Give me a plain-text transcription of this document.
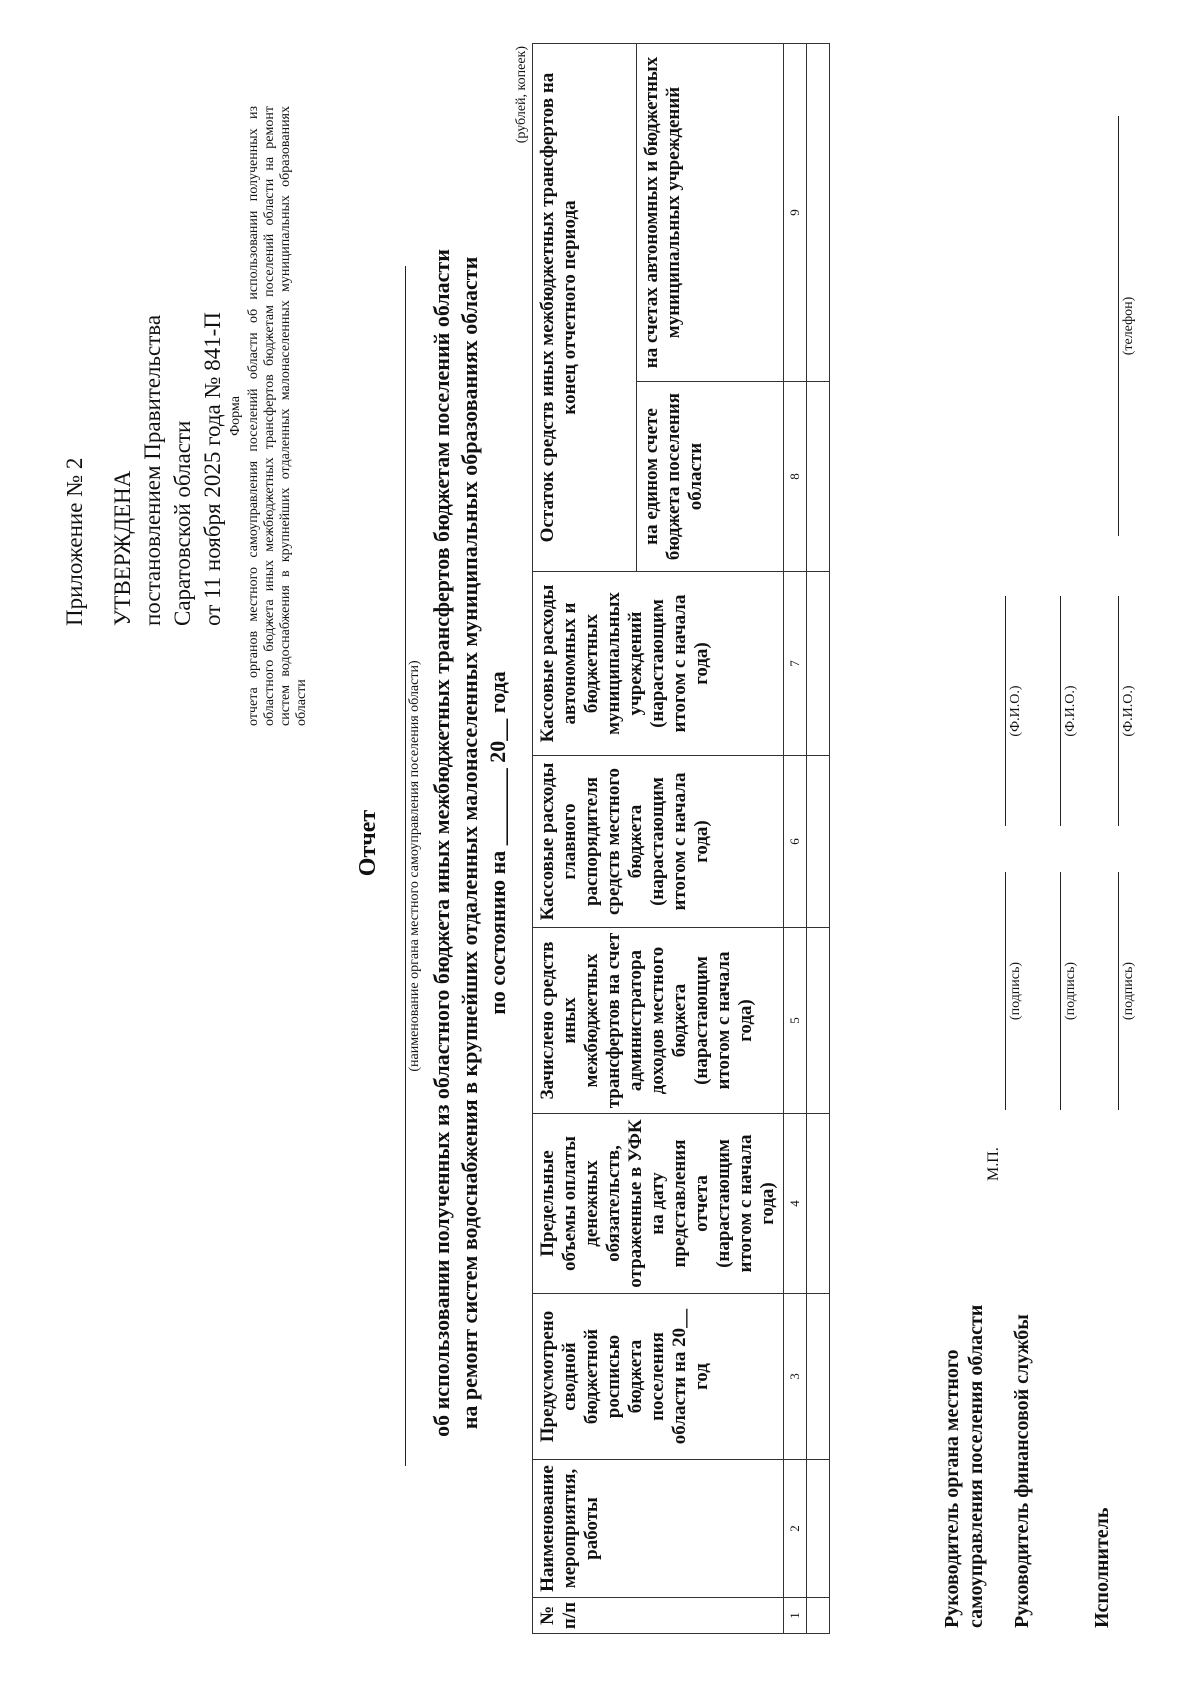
Приложение № 2 УТВЕРЖДЕНА постановлением Правительства Саратовской области от 11 ноября 2025 года № 841-П Форма отчета органов местного самоуправления поселений области об использовании полученных из областного бюджета иных межбюджетных трансфертов бюджетам поселений области на ремонт систем водоснабжения в крупнейших отдаленных малонаселенных муниципальных образованиях области
Отчет (наименование органа местного самоуправления поселения области) об использовании полученных из областного бюджета иных межбюджетных трансфертов бюджетам поселений области на ремонт систем водоснабжения в крупнейших отдаленных малонаселенных муниципальных образованиях области по состоянию на _______ 20__ года
(рублей, копеек)
№ п/п	Наименование мероприятия, работы	Предусмотрено сводной бюджетной росписью бюджета поселения области на 20__ год	Предельные объемы оплаты денежных обязательств, отраженные в УФК на дату представления отчета (нарастающим итогом с начала года)	Зачислено средств иных межбюджетных трансфертов на счет администратора доходов местного бюджета (нарастающим итогом с начала года)	Кассовые расходы главного распорядителя средств местного бюджета (нарастающим итогом с начала года)	Кассовые расходы автономных и бюджетных муниципальных учреждений (нарастающим итогом с начала года)	Остаток средств иных межбюджетных трансфертов на конец отчетного периода	
							на едином счете бюджета поселения области	на счетах автономных и бюджетных муниципальных учреждений
1	2	3	4	5	6	7	8	9

Руководитель органа местного самоуправления поселения области
М.П.
(подпись)
(Ф.И.О.)
Руководитель финансовой службы
(подпись)
(Ф.И.О.)
Исполнитель
(подпись)
(Ф.И.О.)
(телефон)
